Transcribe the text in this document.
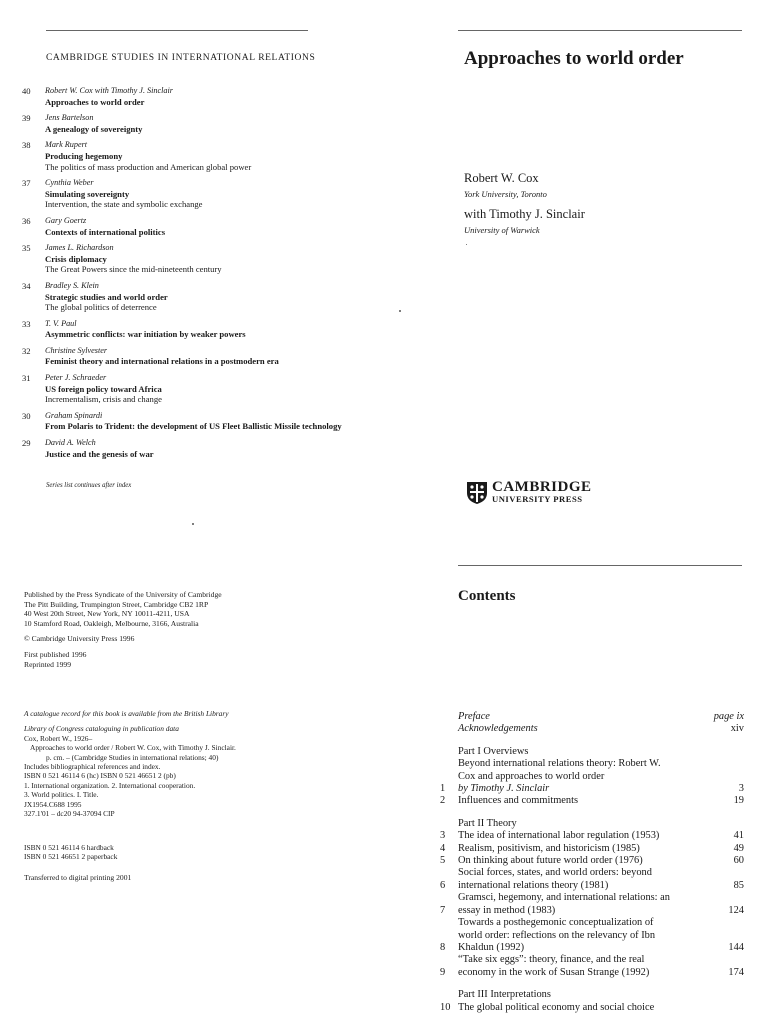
CAMBRIDGE STUDIES IN INTERNATIONAL RELATIONS
40	Robert W. Cox with Timothy J. Sinclair
Approaches to world order
39	Jens Bartelson
A genealogy of sovereignty
38	Mark Rupert
Producing hegemony
The politics of mass production and American global power
37	Cynthia Weber
Simulating sovereignty
Intervention, the state and symbolic exchange
36	Gary Goertz
Contexts of international politics
35	James L. Richardson
Crisis diplomacy
The Great Powers since the mid-nineteenth century
34	Bradley S. Klein
Strategic studies and world order
The global politics of deterrence
33	T. V. Paul
Asymmetric conflicts: war initiation by weaker powers
32	Christine Sylvester
Feminist theory and international relations in a postmodern era
31	Peter J. Schraeder
US foreign policy toward Africa
Incrementalism, crisis and change
30	Graham Spinardi
From Polaris to Trident: the development of US Fleet Ballistic Missile technology
29	David A. Welch
Justice and the genesis of war
Series list continues after index
Approaches to world order
Robert W. Cox
York University, Toronto
with Timothy J. Sinclair
University of Warwick
CAMBRIDGE
UNIVERSITY PRESS

Published by the Press Syndicate of the University of Cambridge
The Pitt Building, Trumpington Street, Cambridge CB2 1RP
40 West 20th Street, New York, NY 10011-4211, USA
10 Stamford Road, Oakleigh, Melbourne, 3166, Australia

© Cambridge University Press 1996

First published 1996
Reprinted 1999

A catalogue record for this book is available from the British Library

Library of Congress cataloguing in publication data

Cox, Robert W., 1926–

Approaches to world order / Robert W. Cox, with Timothy J. Sinclair.

p. cm. – (Cambridge Studies in international relations; 40)

Includes bibliographical references and index.

ISBN 0 521 46114 6 (hc) ISBN 0 521 46651 2 (pb)

1. International organization. 2. International cooperation.

3. World politics. I. Title.

JX1954.C688 1995

327.1'01 – dc20 94-37094 CIP

ISBN 0 521 46114 6 hardback
ISBN 0 521 46651 2 paperback
Transferred to digital printing 2001
Contents
Preface	page ix
Acknowledgements	xiv
Part I Overviews
1
Beyond international relations theory: Robert W.
Cox and approaches to world order
by Timothy J. Sinclair	3
2	Influences and commitments	19
Part II Theory
3	The idea of international labor regulation (1953)	41
4	Realism, positivism, and historicism (1985)	49
5	On thinking about future world order (1976)	60
6
Social forces, states, and world orders: beyond
international relations theory (1981)	85
7
Gramsci, hegemony, and international relations: an
essay in method (1983)	124
8
Towards a posthegemonic conceptualization of
world order: reflections on the relevancy of Ibn
Khaldun (1992)	144
9
“Take six eggs”: theory, finance, and the real
economy in the work of Susan Strange (1992)	174
Part III Interpretations
10 The global political economy and social choice
